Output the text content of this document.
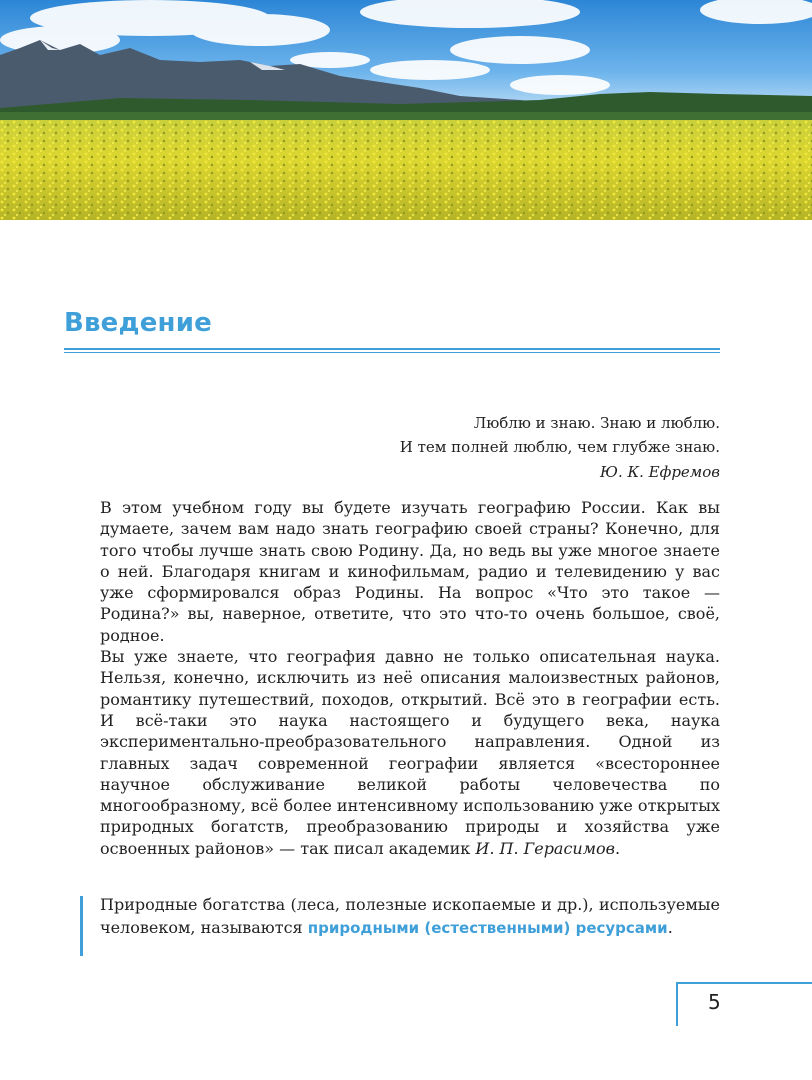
Введение
Люблю и знаю. Знаю и люблю.
И тем полней люблю, чем глубже знаю.
Ю. К. Ефремов

В этом учебном году вы будете изучать географию России. Как вы думаете, зачем вам надо знать географию своей страны? Конечно, для того чтобы лучше знать свою Родину. Да, но ведь вы уже многое знаете о ней. Благодаря книгам и кинофильмам, радио и телевидению у вас уже сформировался образ Родины. На вопрос «Что это такое — Родина?» вы, наверное, ответите, что это что-то очень большое, своё, родное.

Вы уже знаете, что география давно не только описательная наука. Нельзя, конечно, исключить из неё описания малоизвестных районов, романтику путешествий, походов, открытий. Всё это в географии есть. И всё-таки это наука настоящего и будущего века, наука экспериментально-преобразовательного направления. Одной из главных задач современной географии является «всестороннее научное обслуживание великой работы человечества по многообразному, всё более интенсивному использованию уже открытых природных богатств, преобразованию природы и хозяйства уже освоенных районов» — так писал академик И. П. Герасимов.

Природные богатства (леса, полезные ископаемые и др.), используемые человеком, называются природными (естественными) ресурсами.

5
